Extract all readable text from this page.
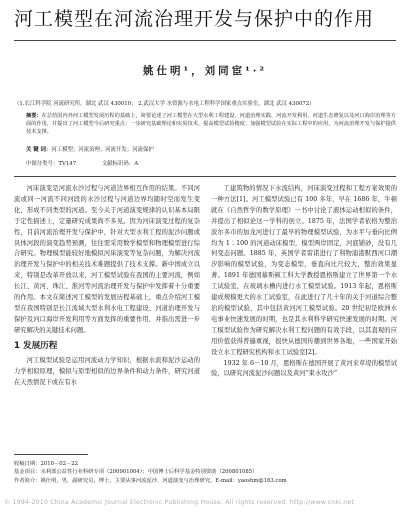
河工模型在河流治理开发与保护中的作用
姚仕明¹，刘同宦¹·²
（1.长江科学院 河流研究所，湖北 武汉 430010； 2.武汉大学 水资源与水电工程科学国家重点实验室，湖北 武汉 430072）
摘要：在总结国内外河工模型发展历程的基础上，简要论述了河工模型在大型水利工程建设、河道治理实践、河流开发利用、河道生态修复以及河口海岸治理等方面的作用，并提出了河工模型今后研究重点：一步研究基础理论和实验技术，提高模型试验精度；加强模型试验在实际工程中的应用，为河流治理开发与保护提供技术支撑。
关 键 词：河工模型；河流治理；河流开发；河流保护
中图分类号：TV147	文献标识码：A

河床演变是河流水沙过程与河道边界相互作用的结果。不同河流或同一河流不同河段的水沙过程与河道边界均随时空而发生变化，形成不同类型的河道。至今关于河道演变规律的认识基本局限于定性描述上，定量研究成果尚不多见。因为河床演变过程的复杂性，目前河流治理开发与保护中，针对大型水利工程的泥沙问题或具体河段的演变趋势预测，往往需采用数学模型和物理模型进行综合研究。物理模型能较好地模拟河床演变等复杂问题，为解决河流治理开发与保护中的相关技术难题提供了技术支撑。新中国成立以来，特别是改革开放以来，河工模型试验在我国的主要河流，例如长江、黄河、珠江、淮河等河流治理开发与保护中发挥着十分重要的作用。本文在简述河工模型的发展历程基础上，重点介绍河工模型在我国特别是长江流域大型水利水电工程建设、河道治理开发与保护及河口海岸开发利用等方面发挥的重要作用，并指出需进一步研究解决的关键技术问题。

1 发展历程

河工模型试验是运用河流动力学知识，根据水流和泥沙运动的力学相似原理，模拟与原型相似的边界条件和动力条件，研究河道在天然情况下或在有水

工建筑物的情况下水流结构，河床演变过程和工程方案效果的一种方法[1]。河工模型试验已有 100 多年，早在 1686 年，牛顿就在《自然哲学的数学原理》一书中讨论了液体运动相似的条件，并提出了相似论这一学科的创立。1875 年，法国学者依格为整治波尔多市的加龙河进行了最早的物理模型试验，为水平与垂向比例均为 1∶100 的河道动床模型，模型两岸固定，河底铺砂，没有几何变态问题。1885 年，英国学者雷诺进行了利物浦港默西河口潮汐影响的模型试验，为变态模型，垂直向比尺较大，整治效果显著。1891 年德国慕斯顿工科大学教授恩格斯建立了世界第一个水工试验室，在玻璃水槽内进行水工模型试验。1913 年起，恩格斯建成规模更大的水工试验室，在此进行了几十年的关于河道综合整治的模型试验，其中包括黄河河工模型试验。20 世纪初是欧洲水电事业快速发展的时期，也是其水利科学研究快速发展的时期。河工模型试验作为研究解决水利工程问题的有效手段，以其直观的应用价值获得普遍重视，很快从德国传播到世界各地，一些国家开始设立水工程研究机构和水工试验室[2]。

1932 年 6－10 月，恩格斯在德国开展了黄河来草堤的模型试验，以研究河流泥沙问题以及黄河“束水攻沙”

收稿日期：2010－02－22
基金项目：水利部公益性行业科研专项（200901004）；中国博士后科学基金特别资助（200801085）
作者简介：姚仕明，男，副研究员，博士，主要从事河流泥沙、河道演变与治理研究。E-mail：yaoshm@163.com
© 1994-2010 China Academic Journal Electronic Publishing House. All rights reserved. http://www.cnki.net
